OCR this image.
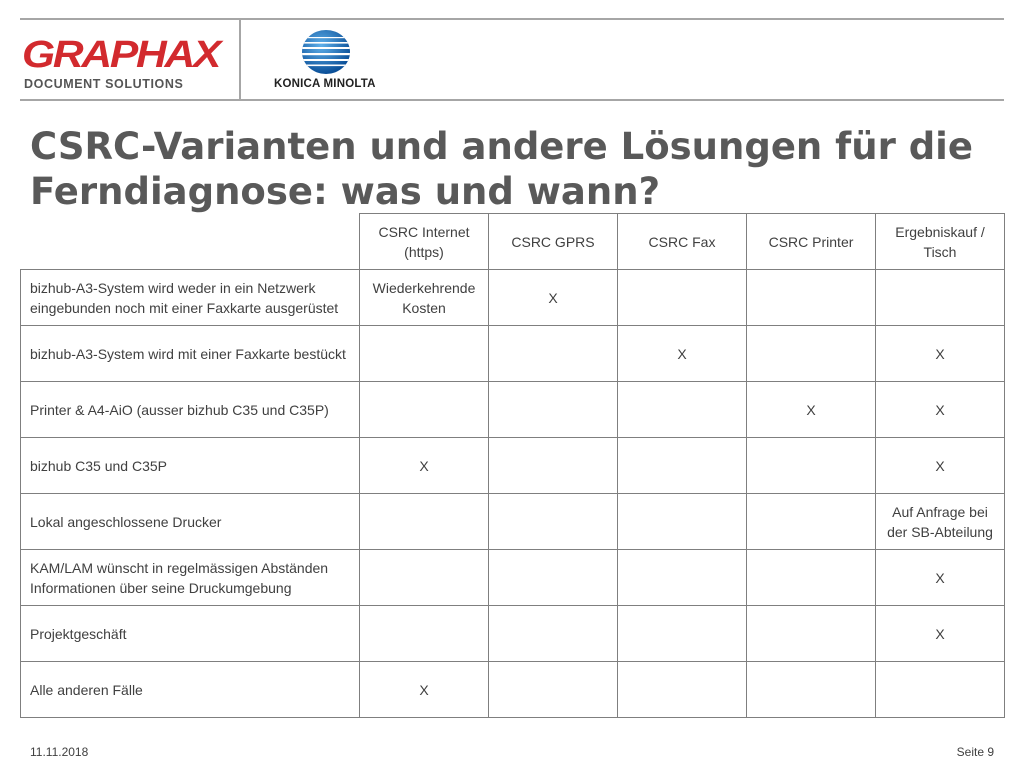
GRAPHAX
DOCUMENT SOLUTIONS	KONICA MINOLTA
CSRC-Varianten und andere Lösungen für die Ferndiagnose: was und wann?
	CSRC Internet (https)	CSRC GPRS	CSRC Fax	CSRC Printer	Ergebniskauf / Tisch
bizhub-A3-System wird weder in ein Netzwerk eingebunden noch mit einer Faxkarte ausgerüstet	Wiederkehrende Kosten	X			
bizhub-A3-System wird mit einer Faxkarte bestückt			X		X
Printer & A4-AiO (ausser bizhub C35 und C35P)				X	X
bizhub C35 und C35P	X				X
Lokal angeschlossene Drucker					Auf Anfrage bei der SB-Abteilung
KAM/LAM wünscht in regelmässigen Abständen Informationen über seine Druckumgebung					X
Projektgeschäft					X
Alle anderen Fälle	X				
11.11.2018	Seite 9
